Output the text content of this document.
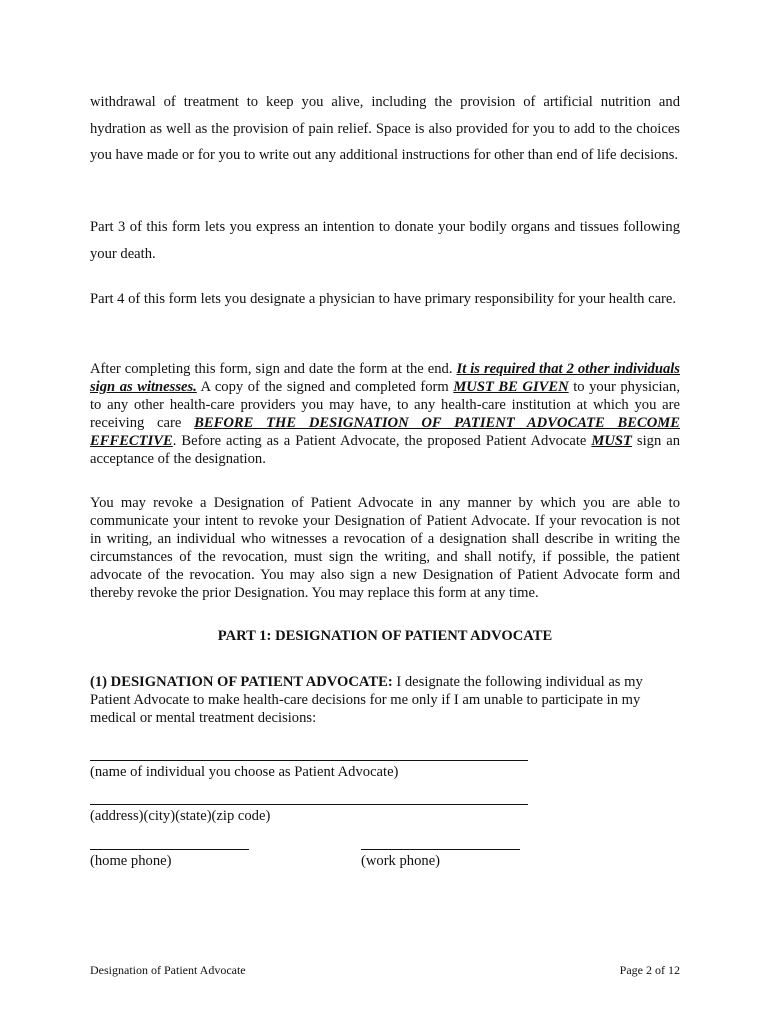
withdrawal of treatment to keep you alive, including the provision of artificial nutrition and hydration as well as the provision of pain relief. Space is also provided for you to add to the choices you have made or for you to write out any additional instructions for other than end of life decisions.

Part 3 of this form lets you express an intention to donate your bodily organs and tissues following your death.

Part 4 of this form lets you designate a physician to have primary responsibility for your health care.

After completing this form, sign and date the form at the end. It is required that 2 other individuals sign as witnesses. A copy of the signed and completed form MUST BE GIVEN to your physician, to any other health-care providers you may have, to any health-care institution at which you are receiving care BEFORE THE DESIGNATION OF PATIENT ADVOCATE BECOME EFFECTIVE. Before acting as a Patient Advocate, the proposed Patient Advocate MUST sign an acceptance of the designation.

You may revoke a Designation of Patient Advocate in any manner by which you are able to communicate your intent to revoke your Designation of Patient Advocate. If your revocation is not in writing, an individual who witnesses a revocation of a designation shall describe in writing the circumstances of the revocation, must sign the writing, and shall notify, if possible, the patient advocate of the revocation. You may also sign a new Designation of Patient Advocate form and thereby revoke the prior Designation. You may replace this form at any time.

PART 1: DESIGNATION OF PATIENT ADVOCATE

(1) DESIGNATION OF PATIENT ADVOCATE: I designate the following individual as my Patient Advocate to make health-care decisions for me only if I am unable to participate in my medical or mental treatment decisions:

(name of individual you choose as Patient Advocate)

(address)(city)(state)(zip code)

(home phone)	(work phone)

Designation of Patient Advocate	Page 2 of 12
